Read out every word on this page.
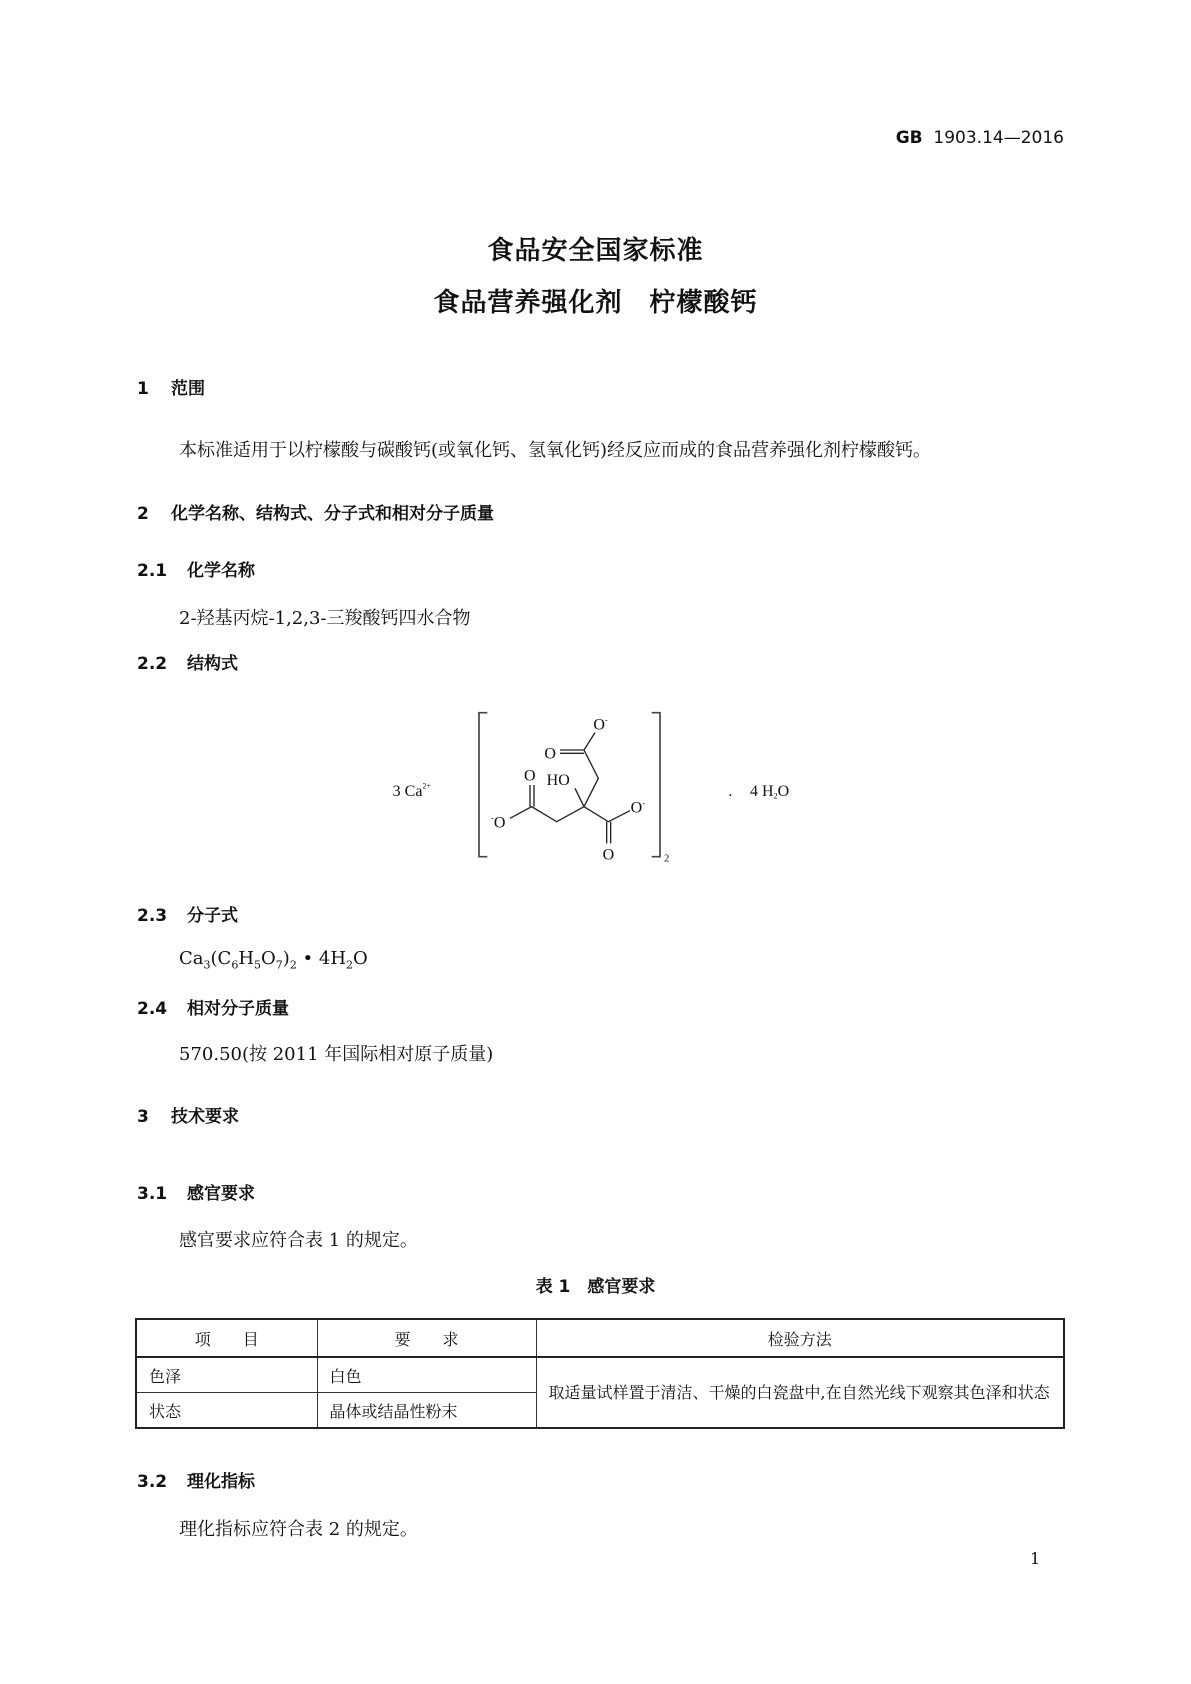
GB 1903.14—2016
食品安全国家标准
食品营养强化剂　柠檬酸钙
1 范围
本标准适用于以柠檬酸与碳酸钙(或氧化钙、氢氧化钙)经反应而成的食品营养强化剂柠檬酸钙。
2 化学名称、结构式、分子式和相对分子质量
2.1 化学名称
2-羟基丙烷-1,2,3-三羧酸钙四水合物
2.2 结构式
3 $Ca^{2+}$
2
O-
O
HO
O
-O
O-
O
. 4 H2O
2.3 分子式
$Ca_3(C_6H_5O_7)_2$ • $4H_2O$
2.4 相对分子质量
570.50(按 2011 年国际相对原子质量)
3 技术要求
3.1 感官要求
感官要求应符合表 1 的规定。
表 1　感官要求
项　　目	要　　求	检验方法
色泽	白色	取适量试样置于清洁、干燥的白瓷盘中,在自然光线下观察其色泽和状态
状态	晶体或结晶性粉末	
3.2 理化指标
理化指标应符合表 2 的规定。
1
